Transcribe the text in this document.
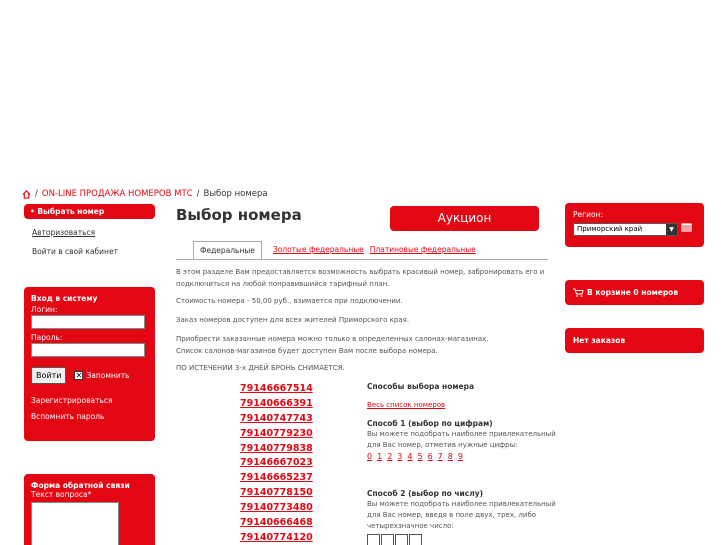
/ ON-LINE ПРОДАЖА НОМЕРОВ МТС / Выбор номера
• Выбрать номер
Авторизоваться
Войти в свой кабинет
Вход в систему
Логин:
Пароль:
Войти	✕ Запомнить
Зарегистрироваться
Вспомнить пароль
Форма обратной связи
Текст вопроса*
Выбор номера	Аукцион
Федеральные	Золотые федеральные Платиновые федеральные
В этом разделе Вам предоставляется возможность выбрать красивый номер, забронировать его и подключиться на любой понравившийся тарифный план.
Стоимость номера - 50,00 руб., взимается при подключении.
Заказ номеров доступен для всех жителей Приморского края.
Приобрести заказанные номера можно только в определенных салонах-магазинах.
Список салонов-магазинов будет доступен Вам после выбора номера.
ПО ИСТЕЧЕНИИ 3-х ДНЕЙ БРОНЬ СНИМАЕТСЯ.
79146667514
79140666391
79140747743
79140779230
79140779838
79146667023
79146665237
79140778150
79140773480
79140666468
79140774120
Способы выбора номера
Весь список номеров
Способ 1 (выбор по цифрам)
Вы можете подобрать наиболее привлекательный для Вас номер, отметив нужные цифры:
0 1 2 3 4 5 6 7 8 9
Способ 2 (выбор по числу)
Вы можете подобрать наиболее привлекательный для Вас номер, введя в поле двух, трех, либо четырехзначное число:
Регион:
Приморский край	▼
В корзине 0 номеров
Нет заказов
